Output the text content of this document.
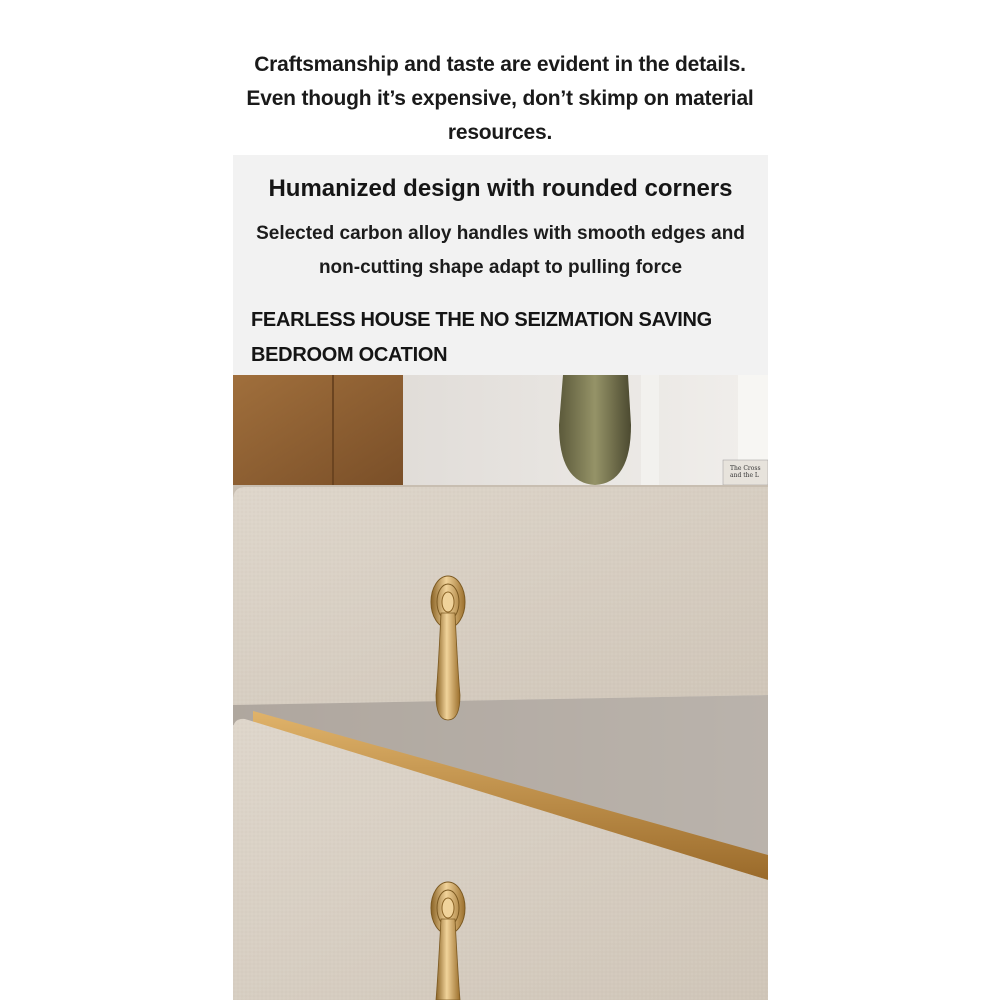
Craftsmanship and taste are evident in the details.
Even though it’s expensive, don’t skimp on material
resources.
Humanized design with rounded corners
Selected carbon alloy handles with smooth edges and
non-cutting shape adapt to pulling force
FEARLESS HOUSE THE NO SEIZMATION SAVING
BEDROOM OCATION
The Cross
and the L
